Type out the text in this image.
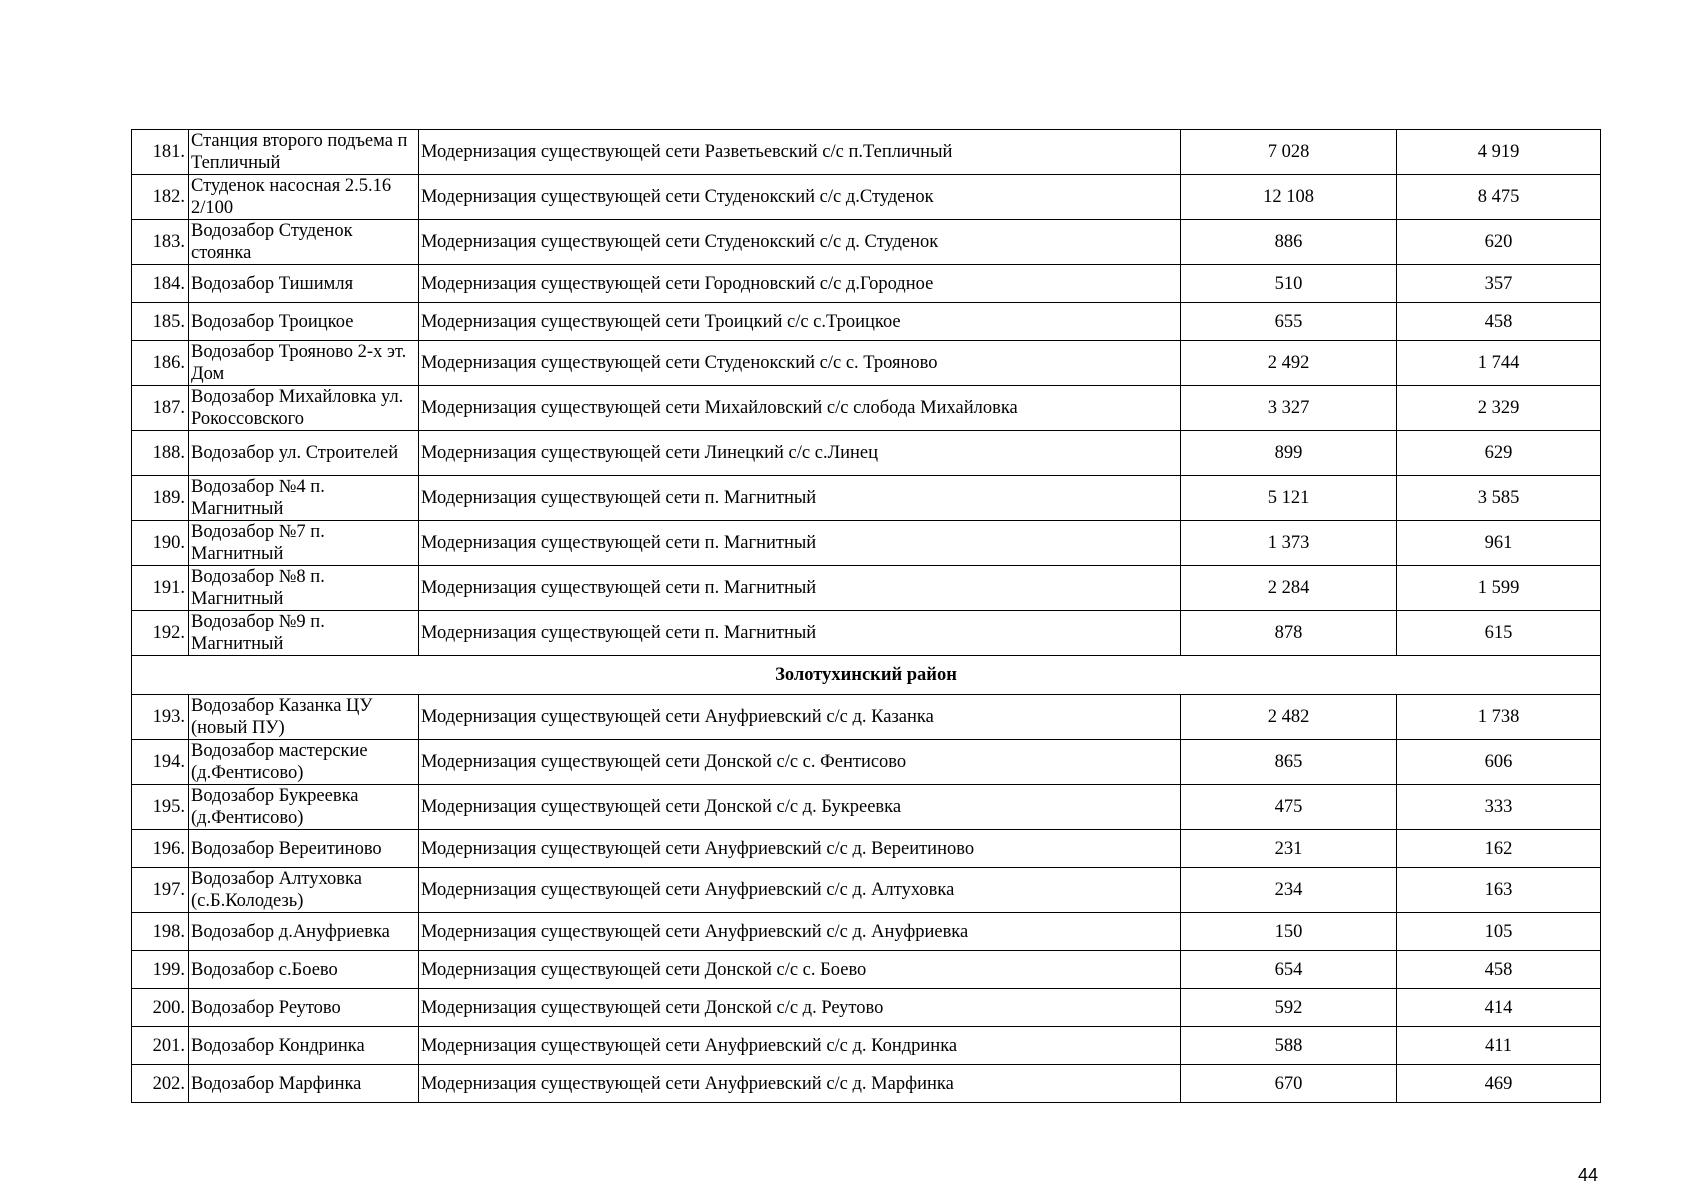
181.	Станция второго подъема п Тепличный	Модернизация существующей сети Разветьевский с/с п.Тепличный	7 028	4 919
182.	Студенок насосная 2.5.16 2/100	Модернизация существующей сети Студенокский с/с д.Студенок	12 108	8 475
183.	Водозабор Студенок стоянка	Модернизация существующей сети Студенокский с/с д. Студенок	886	620
184.	Водозабор Тишимля	Модернизация существующей сети Городновский с/с д.Городное	510	357
185.	Водозабор Троицкое	Модернизация существующей сети Троицкий с/с с.Троицкое	655	458
186.	Водозабор Трояново 2-х эт. Дом	Модернизация существующей сети Студенокский с/с с. Трояново	2 492	1 744
187.	Водозабор Михайловка ул. Рокоссовского	Модернизация существующей сети Михайловский с/с слобода Михайловка	3 327	2 329
188.	Водозабор ул. Строителей	Модернизация существующей сети Линецкий с/с с.Линец	899	629
189.	Водозабор №4 п. Магнитный	Модернизация существующей сети п. Магнитный	5 121	3 585
190.	Водозабор №7 п. Магнитный	Модернизация существующей сети п. Магнитный	1 373	961
191.	Водозабор №8 п. Магнитный	Модернизация существующей сети п. Магнитный	2 284	1 599
192.	Водозабор №9 п. Магнитный	Модернизация существующей сети п. Магнитный	878	615
Золотухинский район				
193.	Водозабор Казанка ЦУ (новый ПУ)	Модернизация существующей сети Ануфриевский с/с д. Казанка	2 482	1 738
194.	Водозабор мастерские (д.Фентисово)	Модернизация существующей сети Донской с/с с. Фентисово	865	606
195.	Водозабор Букреевка (д.Фентисово)	Модернизация существующей сети Донской с/с д. Букреевка	475	333
196.	Водозабор Вереитиново	Модернизация существующей сети Ануфриевский с/с д. Вереитиново	231	162
197.	Водозабор Алтуховка (с.Б.Колодезь)	Модернизация существующей сети Ануфриевский с/с д. Алтуховка	234	163
198.	Водозабор д.Ануфриевка	Модернизация существующей сети Ануфриевский с/с д. Ануфриевка	150	105
199.	Водозабор с.Боево	Модернизация существующей сети Донской с/с с. Боево	654	458
200.	Водозабор Реутово	Модернизация существующей сети Донской с/с д. Реутово	592	414
201.	Водозабор Кондринка	Модернизация существующей сети Ануфриевский с/с д. Кондринка	588	411
202.	Водозабор Марфинка	Модернизация существующей сети Ануфриевский с/с д. Марфинка	670	469
44
